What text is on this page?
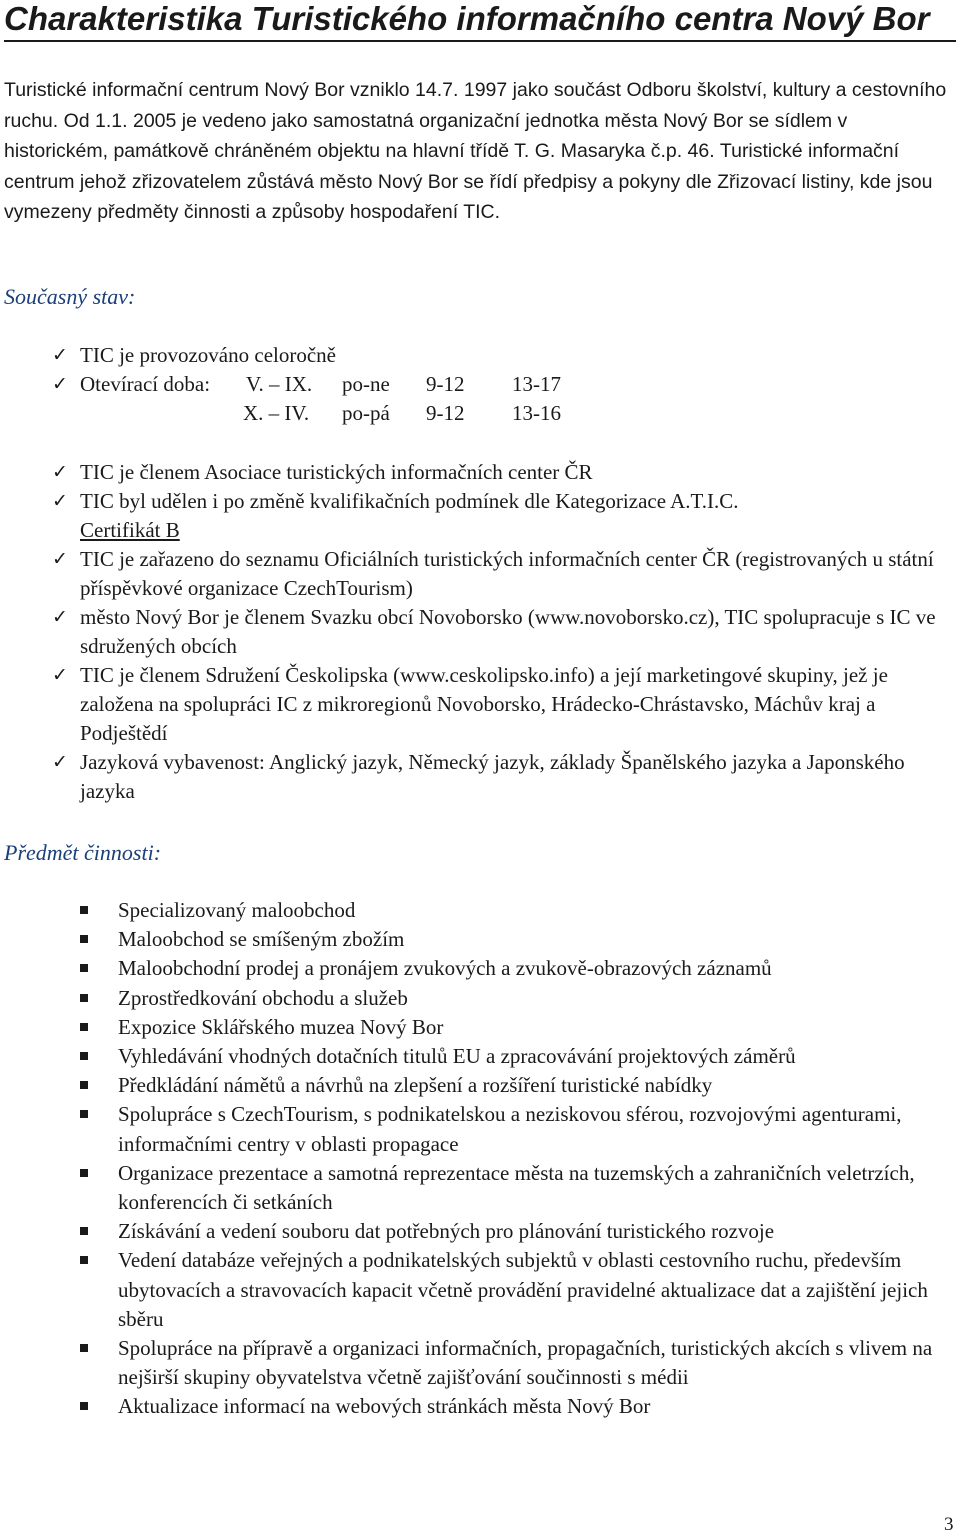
Charakteristika Turistického informačního centra Nový Bor

Turistické informační centrum Nový Bor vzniklo 14.7. 1997 jako součást Odboru školství, kultury a cestovního ruchu. Od 1.1. 2005 je vedeno jako samostatná organizační jednotka města Nový Bor se sídlem v historickém, památkově chráněném objektu na hlavní třídě T. G. Masaryka č.p. 46. Turistické informační centrum jehož zřizovatelem zůstává město Nový Bor se řídí předpisy a pokyny dle Zřizovací listiny, kde jsou vymezeny předměty činnosti a způsoby hospodaření TIC.

Současný stav:
✓ TIC je provozováno celoročně
✓ Otevírací doba:	V. – IX. po-ne 9-12 13-17
X. – IV. po-pá 9-12 13-16
✓ TIC je členem Asociace turistických informačních center ČR
✓ TIC byl udělen i po změně kvalifikačních podmínek dle Kategorizace A.T.I.C.
Certifikát B
✓ TIC je zařazeno do seznamu Oficiálních turistických informačních center ČR (registrovaných u státní příspěvkové organizace CzechTourism)
✓ město Nový Bor je členem Svazku obcí Novoborsko (www.novoborsko.cz), TIC spolupracuje s IC ve sdružených obcích
✓ TIC je členem Sdružení Českolipska (www.ceskolipsko.info) a její marketingové skupiny, jež je založena na spolupráci IC z mikroregionů Novoborsko, Hrádecko-Chrástavsko, Máchův kraj a Podještědí
✓ Jazyková vybavenost: Anglický jazyk, Německý jazyk, základy Španělského jazyka a Japonského jazyka
Předmět činnosti:
Specializovaný maloobchod
Maloobchod se smíšeným zbožím
Maloobchodní prodej a pronájem zvukových a zvukově-obrazových záznamů
Zprostředkování obchodu a služeb
Expozice Sklářského muzea Nový Bor
Vyhledávání vhodných dotačních titulů EU a zpracovávání projektových záměrů
Předkládání námětů a návrhů na zlepšení a rozšíření turistické nabídky
Spolupráce s CzechTourism, s podnikatelskou a neziskovou sférou, rozvojovými agenturami, informačními centry v oblasti propagace
Organizace prezentace a samotná reprezentace města na tuzemských a zahraničních veletrzích, konferencích či setkáních
Získávání a vedení souboru dat potřebných pro plánování turistického rozvoje
Vedení databáze veřejných a podnikatelských subjektů v oblasti cestovního ruchu, především ubytovacích a stravovacích kapacit včetně provádění pravidelné aktualizace dat a zajištění jejich sběru
Spolupráce na přípravě a organizaci informačních, propagačních, turistických akcích s vlivem na nejširší skupiny obyvatelstva včetně zajišťování součinnosti s médii
Aktualizace informací na webových stránkách města Nový Bor
3
